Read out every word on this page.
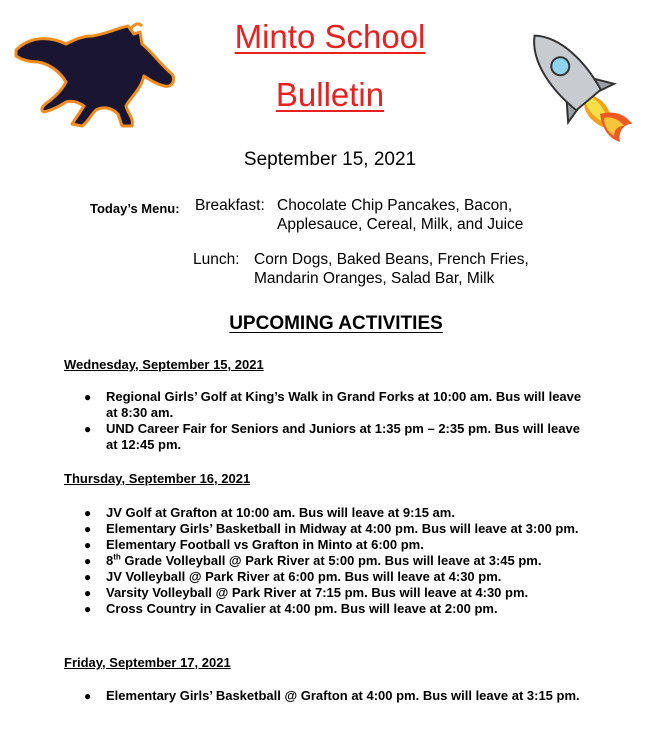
Minto School
Bulletin
September 15, 2021
Today’s Menu: Breakfast: Chocolate Chip Pancakes, Bacon,
Applesauce, Cereal, Milk, and Juice
Lunch: Corn Dogs, Baked Beans, French Fries,
Mandarin Oranges, Salad Bar, Milk
UPCOMING ACTIVITIES
Wednesday, September 15, 2021
● Regional Girls’ Golf at King’s Walk in Grand Forks at 10:00 am. Bus will leave at 8:30 am.
● UND Career Fair for Seniors and Juniors at 1:35 pm – 2:35 pm. Bus will leave at 12:45 pm.
Thursday, September 16, 2021
● JV Golf at Grafton at 10:00 am. Bus will leave at 9:15 am.
● Elementary Girls’ Basketball in Midway at 4:00 pm. Bus will leave at 3:00 pm.
● Elementary Football vs Grafton in Minto at 6:00 pm.
● 8th Grade Volleyball @ Park River at 5:00 pm. Bus will leave at 3:45 pm.
● JV Volleyball @ Park River at 6:00 pm. Bus will leave at 4:30 pm.
● Varsity Volleyball @ Park River at 7:15 pm. Bus will leave at 4:30 pm.
● Cross Country in Cavalier at 4:00 pm. Bus will leave at 2:00 pm.
Friday, September 17, 2021
● Elementary Girls’ Basketball @ Grafton at 4:00 pm. Bus will leave at 3:15 pm.
